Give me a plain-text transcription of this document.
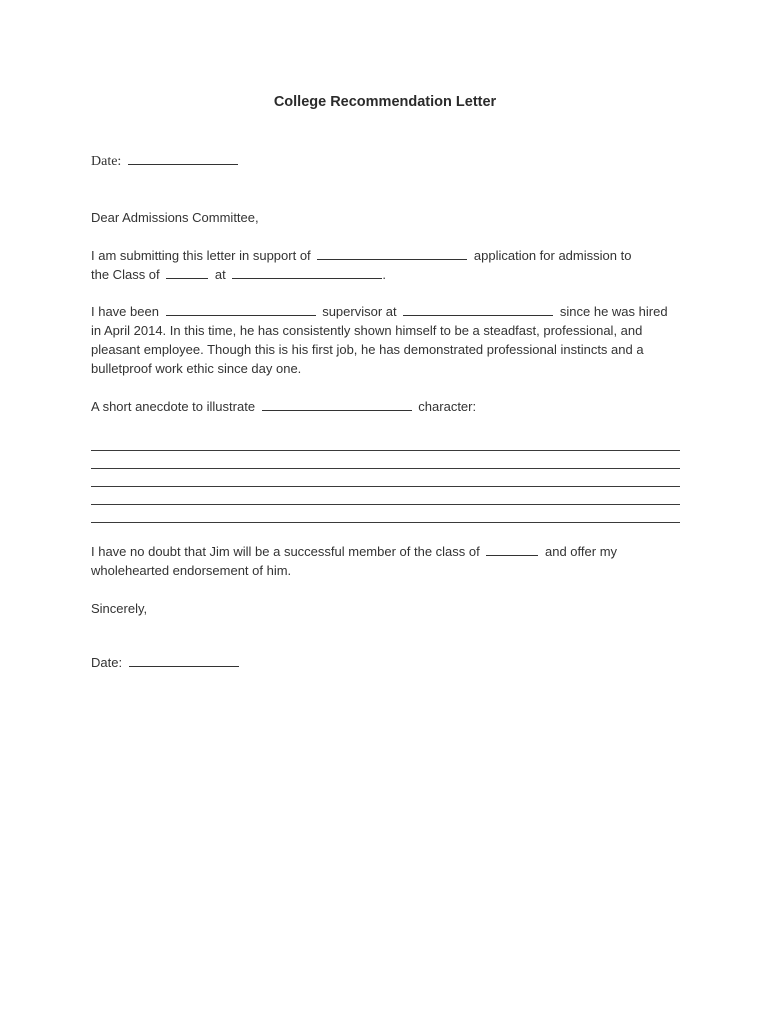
College Recommendation Letter
Date:
Dear Admissions Committee,
I am submitting this letter in support of	application for admission to
the Class of	at	.
I have been	supervisor at	since he was hired
in April 2014. In this time, he has consistently shown himself to be a steadfast, professional, and
pleasant employee. Though this is his first job, he has demonstrated professional instincts and a
bulletproof work ethic since day one.
A short anecdote to illustrate	character:
I have no doubt that Jim will be a successful member of the class of	and offer my
wholehearted endorsement of him.
Sincerely,
Date:
